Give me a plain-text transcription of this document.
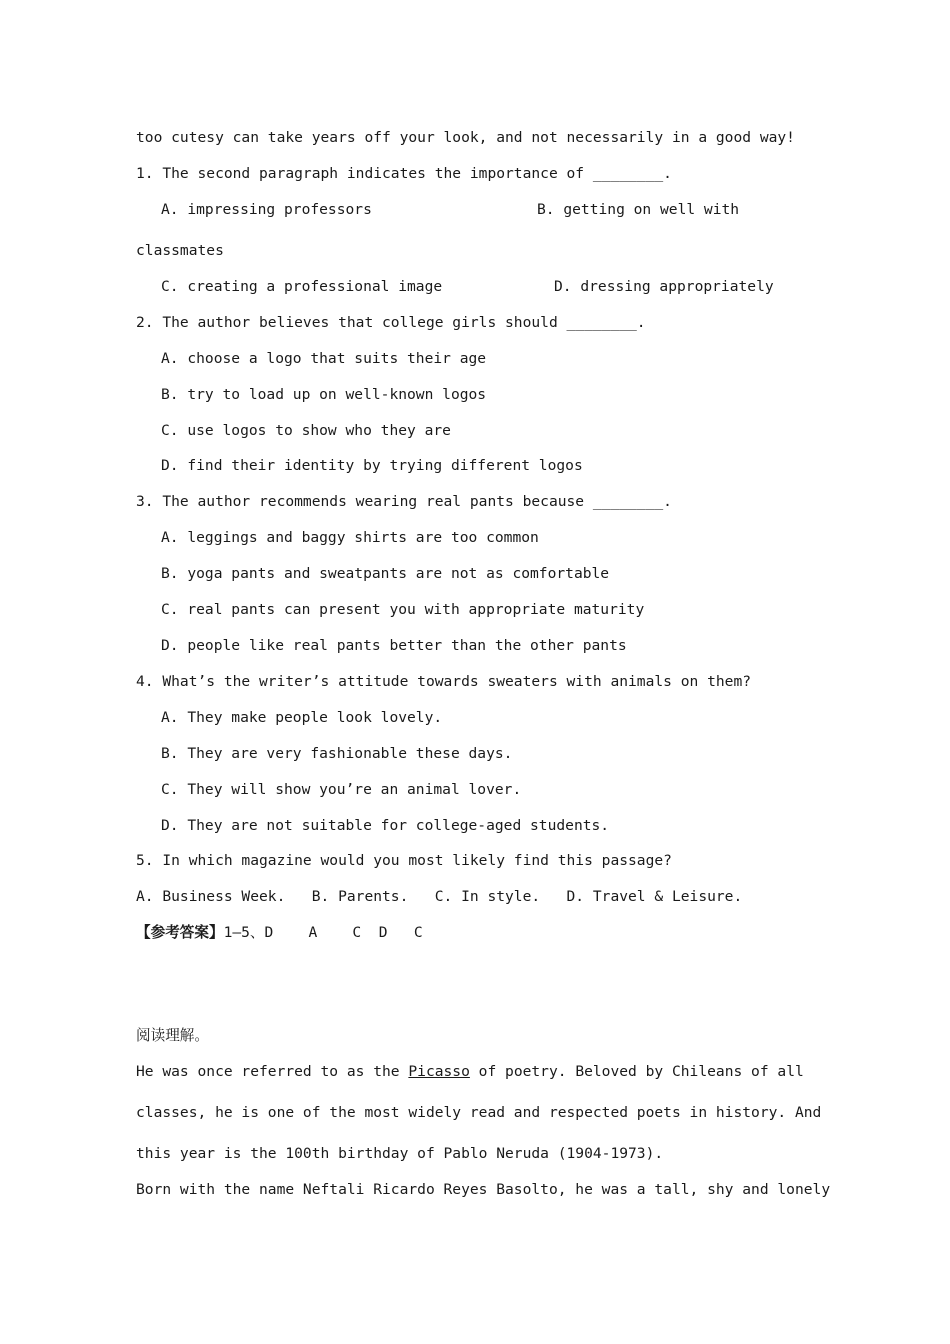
too cutesy can take years off your look, and not necessarily in a good way!
1. The second paragraph indicates the importance of ________.
A. impressing professors	B. getting on well with
classmates
C. creating a professional image	D. dressing appropriately
2. The author believes that college girls should ________.
A. choose a logo that suits their age
B. try to load up on well-known logos
C. use logos to show who they are
D. find their identity by trying different logos
3. The author recommends wearing real pants because ________.
A. leggings and baggy shirts are too common
B. yoga pants and sweatpants are not as comfortable
C. real pants can present you with appropriate maturity
D. people like real pants better than the other pants
4. What’s the writer’s attitude towards sweaters with animals on them?
A. They make people look lovely.
B. They are very fashionable these days.
C. They will show you’re an animal lover.
D. They are not suitable for college-aged students.
5. In which magazine would you most likely find this passage?
A. Business Week.   B. Parents.   C. In style.   D. Travel & Leisure.
【参考答案】1—5、D    A    C  D   C
阅读理解。
He was once referred to as the Picasso of poetry. Beloved by Chileans of all
classes, he is one of the most widely read and respected poets in history. And
this year is the 100th birthday of Pablo Neruda (1904-1973).
Born with the name Neftali Ricardo Reyes Basolto, he was a tall, shy and lonely
